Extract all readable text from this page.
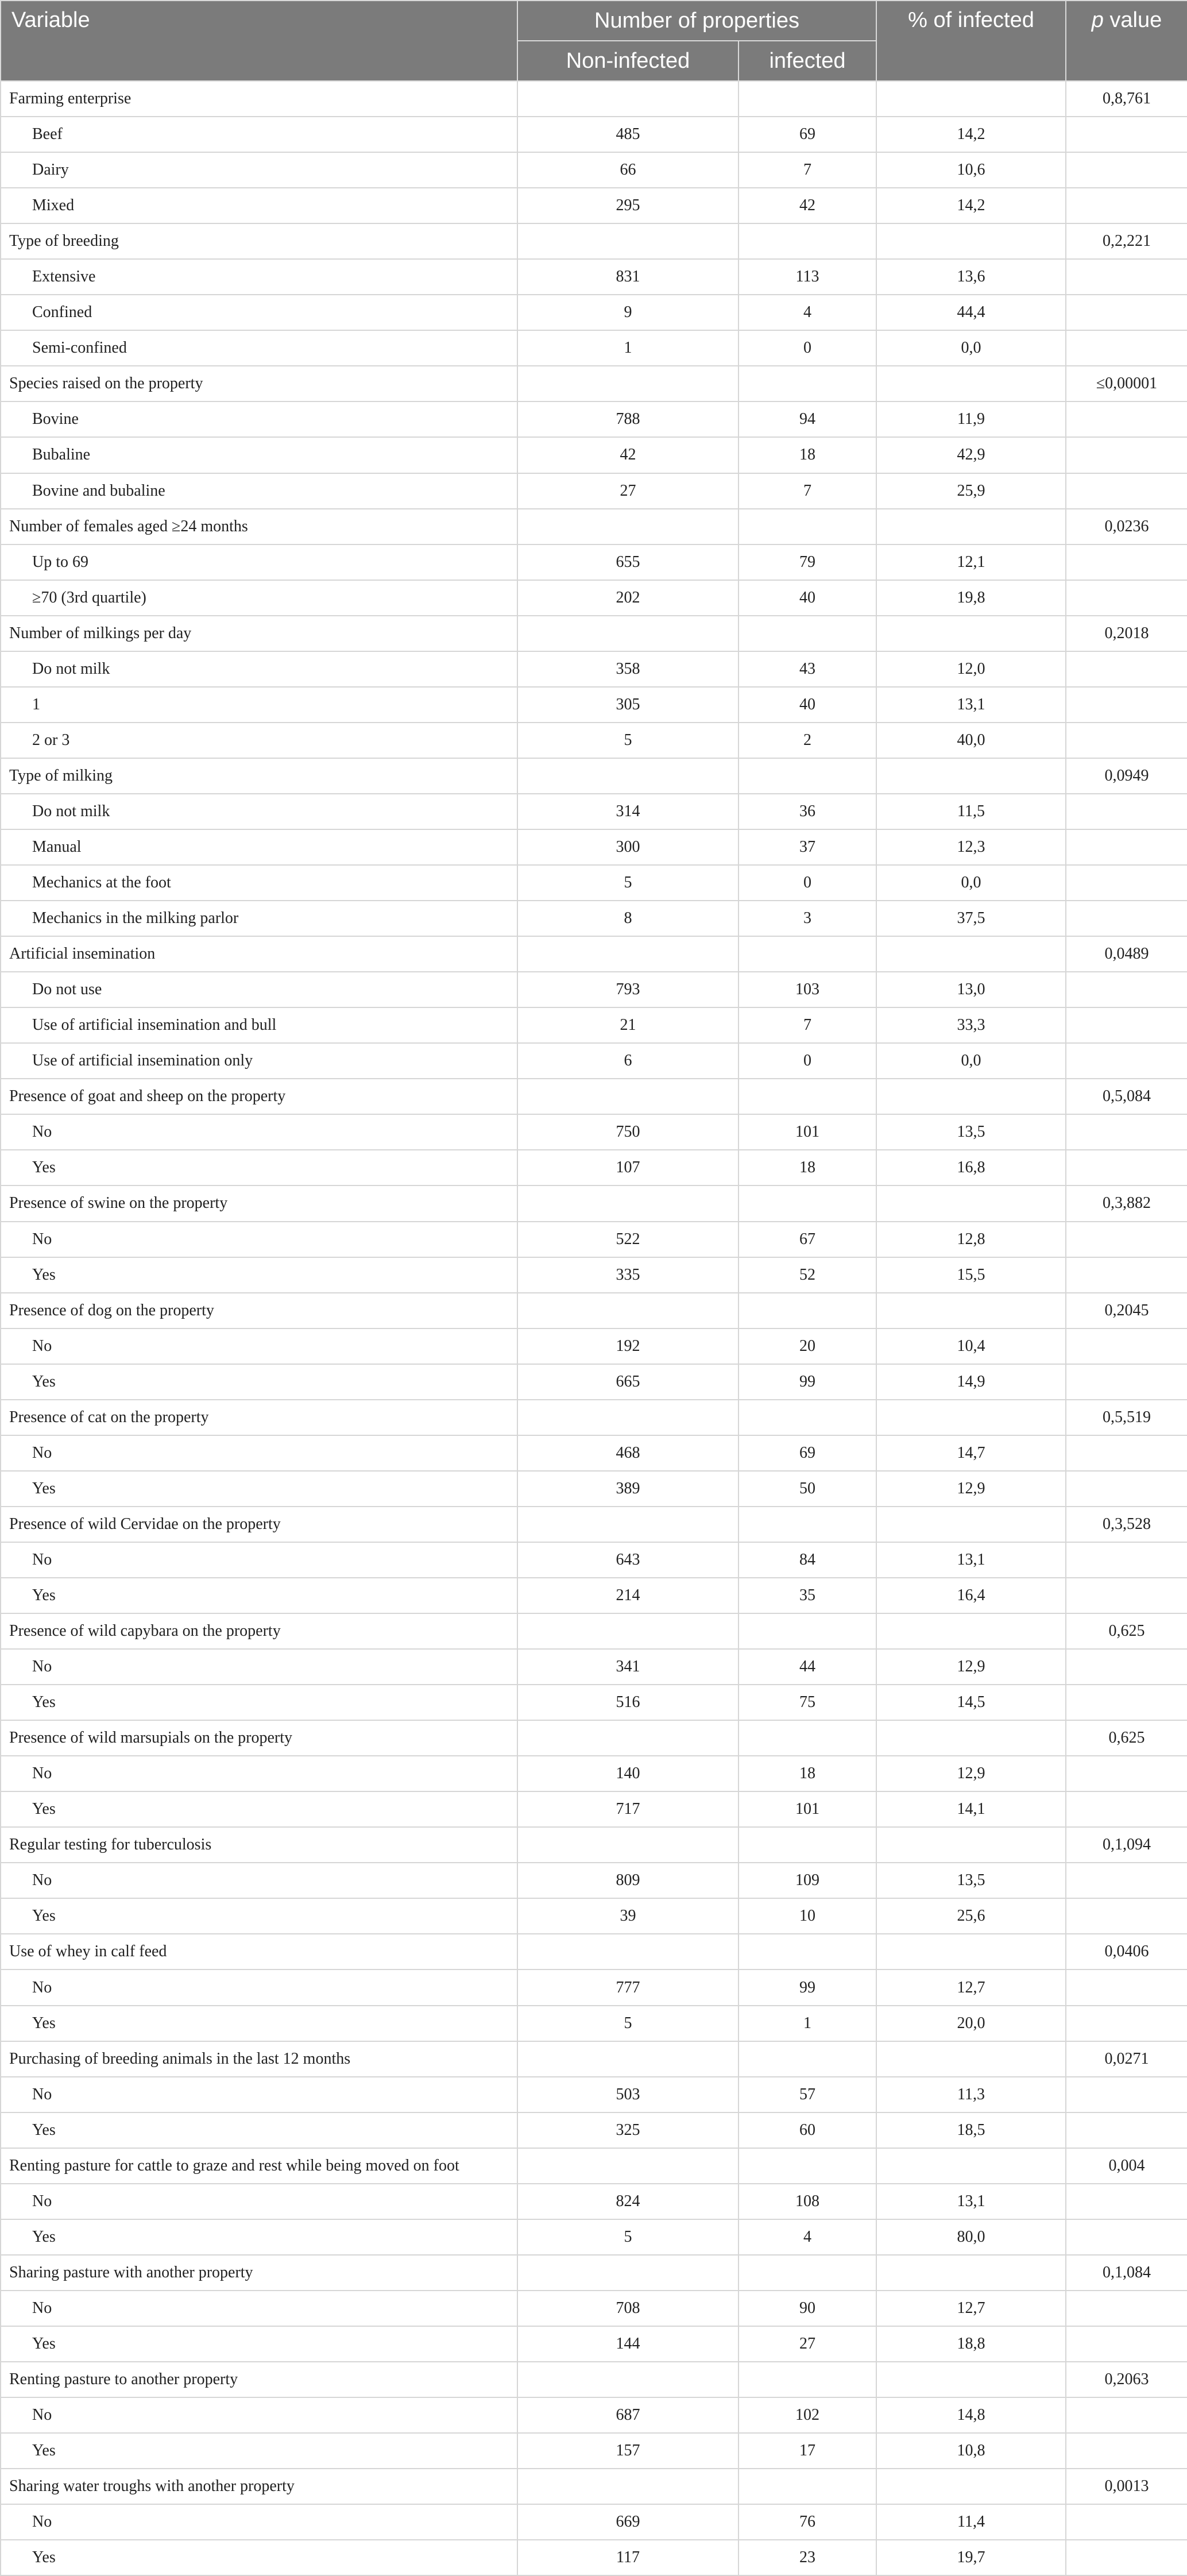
Variable	Number of properties		% of infected	p value
	Non-infected	infected		
Farming enterprise				0,8,761
Beef	485	69	14,2	
Dairy	66	7	10,6	
Mixed	295	42	14,2	
Type of breeding				0,2,221
Extensive	831	113	13,6	
Confined	9	4	44,4	
Semi-confined	1	0	0,0	
Species raised on the property				≤0,00001
Bovine	788	94	11,9	
Bubaline	42	18	42,9	
Bovine and bubaline	27	7	25,9	
Number of females aged ≥24 months				0,0236
Up to 69	655	79	12,1	
≥70 (3rd quartile)	202	40	19,8	
Number of milkings per day				0,2018
Do not milk	358	43	12,0	
1	305	40	13,1	
2 or 3	5	2	40,0	
Type of milking				0,0949
Do not milk	314	36	11,5	
Manual	300	37	12,3	
Mechanics at the foot	5	0	0,0	
Mechanics in the milking parlor	8	3	37,5	
Artificial insemination				0,0489
Do not use	793	103	13,0	
Use of artificial insemination and bull	21	7	33,3	
Use of artificial insemination only	6	0	0,0	
Presence of goat and sheep on the property				0,5,084
No	750	101	13,5	
Yes	107	18	16,8	
Presence of swine on the property				0,3,882
No	522	67	12,8	
Yes	335	52	15,5	
Presence of dog on the property				0,2045
No	192	20	10,4	
Yes	665	99	14,9	
Presence of cat on the property				0,5,519
No	468	69	14,7	
Yes	389	50	12,9	
Presence of wild Cervidae on the property				0,3,528
No	643	84	13,1	
Yes	214	35	16,4	
Presence of wild capybara on the property				0,625
No	341	44	12,9	
Yes	516	75	14,5	
Presence of wild marsupials on the property				0,625
No	140	18	12,9	
Yes	717	101	14,1	
Regular testing for tuberculosis				0,1,094
No	809	109	13,5	
Yes	39	10	25,6	
Use of whey in calf feed				0,0406
No	777	99	12,7	
Yes	5	1	20,0	
Purchasing of breeding animals in the last 12 months				0,0271
No	503	57	11,3	
Yes	325	60	18,5	
Renting pasture for cattle to graze and rest while being moved on foot				0,004
No	824	108	13,1	
Yes	5	4	80,0	
Sharing pasture with another property				0,1,084
No	708	90	12,7	
Yes	144	27	18,8	
Renting pasture to another property				0,2063
No	687	102	14,8	
Yes	157	17	10,8	
Sharing water troughs with another property				0,0013
No	669	76	11,4	
Yes	117	23	19,7	
